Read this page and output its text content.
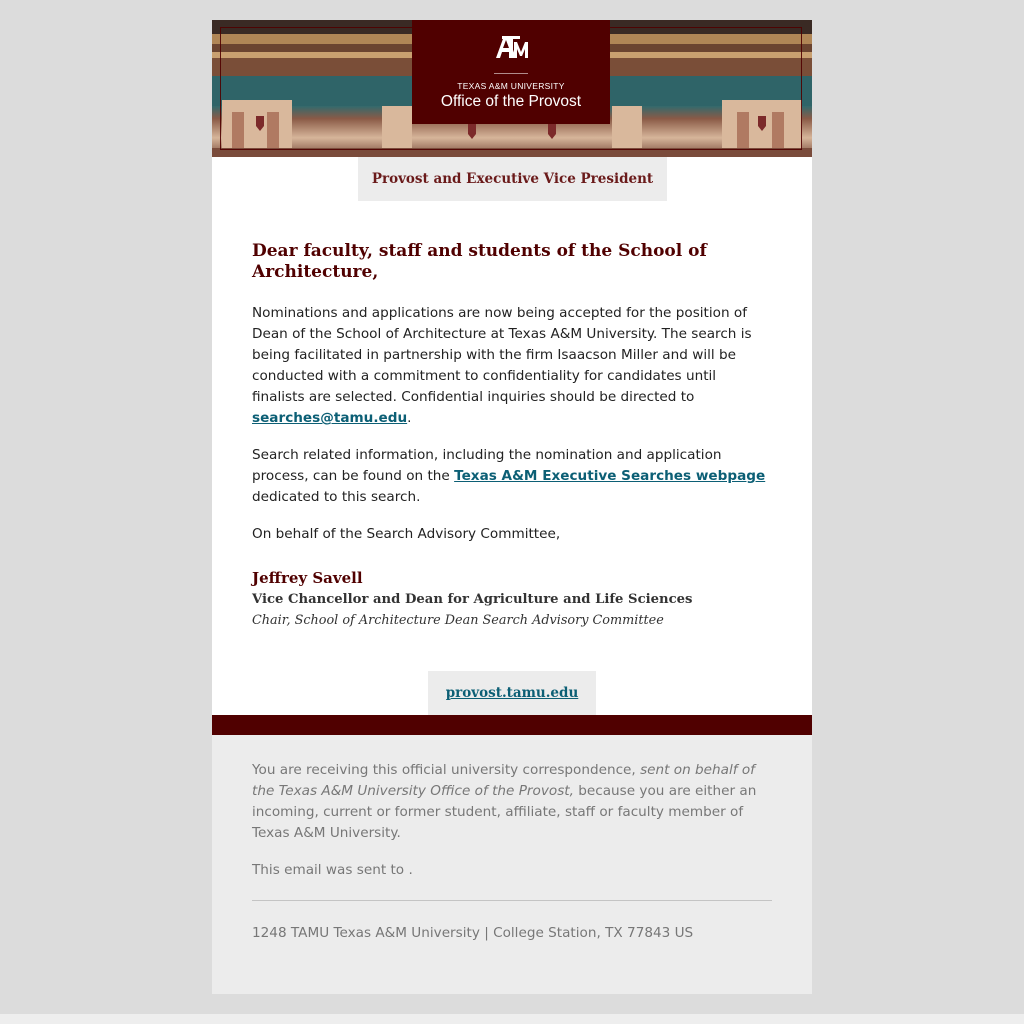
TEXAS A&M UNIVERSITY
Office of the Provost
Provost and Executive Vice President
Dear faculty, staff and students of the School of Architecture,

Nominations and applications are now being accepted for the position of Dean of the School of Architecture at Texas A&M University. The search is being facilitated in partnership with the firm Isaacson Miller and will be conducted with a commitment to confidentiality for candidates until finalists are selected. Confidential inquiries should be directed to searches@tamu.edu.

Search related information, including the nomination and application process, can be found on the Texas A&M Executive Searches webpage dedicated to this search.

On behalf of the Search Advisory Committee,

Jeffrey Savell

Vice Chancellor and Dean for Agriculture and Life Sciences

Chair, School of Architecture Dean Search Advisory Committee

provost.tamu.edu

You are receiving this official university correspondence, sent on behalf of the Texas A&M University Office of the Provost, because you are either an incoming, current or former student, affiliate, staff or faculty member of Texas A&M University.

This email was sent to .

1248 TAMU Texas A&M University | College Station, TX 77843 US
